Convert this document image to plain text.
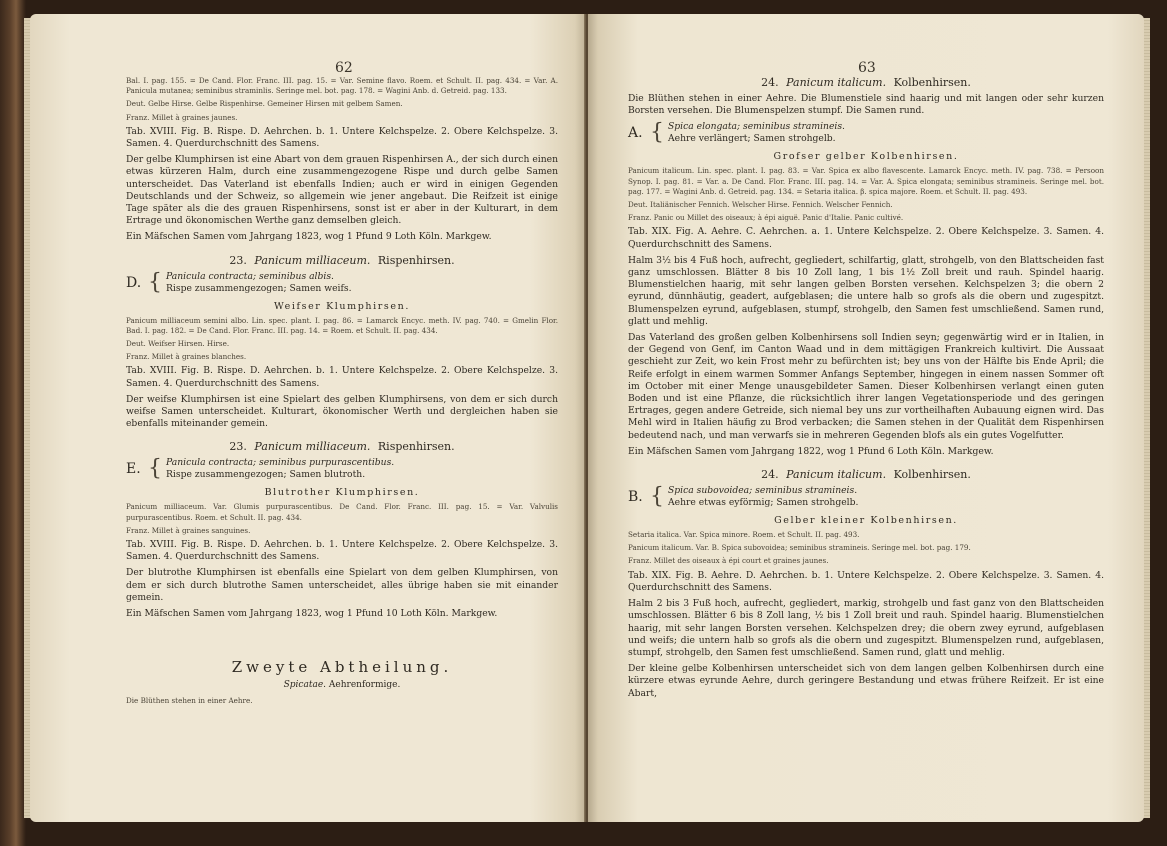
62

Bal. I. pag. 155. = De Cand. Flor. Franc. III. pag. 15. = Var. Semine flavo. Roem. et Schult. II. pag. 434. = Var. A. Panicula mutanea; seminibus straminlis. Seringe mel. bot. pag. 178. = Wagini Anb. d. Getreid. pag. 133.

Deut. Gelbe Hirse. Gelbe Rispenhirse. Gemeiner Hirsen mit gelbem Samen.

Franz. Millet à graines jaunes.

Tab. XVIII. Fig. B. Rispe. D. Aehrchen. b. 1. Untere Kelchspelze. 2. Obere Kelchspelze. 3. Samen. 4. Querdurchschnitt des Samens.

Der gelbe Klumphirsen ist eine Abart von dem grauen Rispenhirsen A., der sich durch einen etwas kürzeren Halm, durch eine zusammengezogene Rispe und durch gelbe Samen unterscheidet. Das Vaterland ist ebenfalls Indien; auch er wird in einigen Gegenden Deutschlands und der Schweiz, so allgemein wie jener angebaut. Die Reifzeit ist einige Tage später als die des grauen Rispenhirsens, sonst ist er aber in der Kulturart, in dem Ertrage und ökonomischen Werthe ganz demselben gleich.

Ein Mäfschen Samen vom Jahrgang 1823, wog 1 Pfund 9 Loth Köln. Markgew.

23. Panicum milliaceum. Rispenhirsen.
D. { Panicula contracta; seminibus albis.
Rispe zusammengezogen; Samen weifs.
Weifser Klumphirsen.

Panicum milliaceum semini albo. Lin. spec. plant. I. pag. 86. = Lamarck Encyc. meth. IV. pag. 740. = Gmelin Flor. Bad. I. pag. 182. = De Cand. Flor. Franc. III. pag. 14. = Roem. et Schult. II. pag. 434.

Deut. Weifser Hirsen. Hirse.

Franz. Millet à graines blanches.

Tab. XVIII. Fig. B. Rispe. D. Aehrchen. b. 1. Untere Kelchspelze. 2. Obere Kelchspelze. 3. Samen. 4. Querdurchschnitt des Samens.

Der weifse Klumphirsen ist eine Spielart des gelben Klumphirsens, von dem er sich durch weifse Samen unterscheidet. Kulturart, ökonomischer Werth und dergleichen haben sie ebenfalls miteinander gemein.

23. Panicum milliaceum. Rispenhirsen.
E. { Panicula contracta; seminibus purpurascentibus.
Rispe zusammengezogen; Samen blutroth.
Blutrother Klumphirsen.

Panicum milliaceum. Var. Glumis purpurascentibus. De Cand. Flor. Franc. III. pag. 15. = Var. Valvulis purpurascentibus. Roem. et Schult. II. pag. 434.

Franz. Millet à graines sanguines.

Tab. XVIII. Fig. B. Rispe. D. Aehrchen. b. 1. Untere Kelchspelze. 2. Obere Kelchspelze. 3. Samen. 4. Querdurchschnitt des Samens.

Der blutrothe Klumphirsen ist ebenfalls eine Spielart von dem gelben Klumphirsen, von dem er sich durch blutrothe Samen unterscheidet, alles übrige haben sie mit einander gemein.

Ein Mäfschen Samen vom Jahrgang 1823, wog 1 Pfund 10 Loth Köln. Markgew.

Zweyte Abtheilung.
Spicatae. Aehrenformige.

Die Blüthen stehen in einer Aehre.

63
24. Panicum italicum. Kolbenhirsen.

Die Blüthen stehen in einer Aehre. Die Blumenstiele sind haarig und mit langen oder sehr kurzen Borsten versehen. Die Blumenspelzen stumpf. Die Samen rund.

A. { Spica elongata; seminibus stramineis.
Aehre verlängert; Samen strohgelb.
Grofser gelber Kolbenhirsen.

Panicum italicum. Lin. spec. plant. I. pag. 83. = Var. Spica ex albo flavescente. Lamarck Encyc. meth. IV. pag. 738. = Persoon Synop. I. pag. 81. = Var. a. De Cand. Flor. Franc. III. pag. 14. = Var. A. Spica elongata; seminibus stramineis. Seringe mel. bot. pag. 177. = Wagini Anb. d. Getreid. pag. 134. = Setaria italica. β. spica majore. Roem. et Schult. II. pag. 493.

Deut. Italiänischer Fennich. Welscher Hirse. Fennich. Welscher Fennich.

Franz. Panic ou Millet des oiseaux; à épi aiguë. Panic d'Italie. Panic cultivé.

Tab. XIX. Fig. A. Aehre. C. Aehrchen. a. 1. Untere Kelchspelze. 2. Obere Kelchspelze. 3. Samen. 4. Querdurchschnitt des Samens.

Halm 3½ bis 4 Fuß hoch, aufrecht, gegliedert, schilfartig, glatt, strohgelb, von den Blattscheiden fast ganz umschlossen. Blätter 8 bis 10 Zoll lang, 1 bis 1½ Zoll breit und rauh. Spindel haarig. Blumenstielchen haarig, mit sehr langen gelben Borsten versehen. Kelchspelzen 3; die obern 2 eyrund, dünnhäutig, geadert, aufgeblasen; die untere halb so grofs als die obern und zugespitzt. Blumenspelzen eyrund, aufgeblasen, stumpf, strohgelb, den Samen fest umschließend. Samen rund, glatt und mehlig.

Das Vaterland des großen gelben Kolbenhirsens soll Indien seyn; gegenwärtig wird er in Italien, in der Gegend von Genf, im Canton Waad und in dem mittägigen Frankreich kultivirt. Die Aussaat geschieht zur Zeit, wo kein Frost mehr zu befürchten ist; bey uns von der Hälfte bis Ende April; die Reife erfolgt in einem warmen Sommer Anfangs September, hingegen in einem nassen Sommer oft im October mit einer Menge unausgebildeter Samen. Dieser Kolbenhirsen verlangt einen guten Boden und ist eine Pflanze, die rücksichtlich ihrer langen Vegetationsperiode und des geringen Ertrages, gegen andere Getreide, sich niemal bey uns zur vortheilhaften Aubauung eignen wird. Das Mehl wird in Italien häufig zu Brod verbacken; die Samen stehen in der Qualität dem Rispenhirsen bedeutend nach, und man verwarfs sie in mehreren Gegenden blofs als ein gutes Vogelfutter.

Ein Mäfschen Samen vom Jahrgang 1822, wog 1 Pfund 6 Loth Köln. Markgew.

24. Panicum italicum. Kolbenhirsen.
B. { Spica subovoidea; seminibus stramineis.
Aehre etwas eyförmig; Samen strohgelb.
Gelber kleiner Kolbenhirsen.

Setaria italica. Var. Spica minore. Roem. et Schult. II. pag. 493.

Panicum italicum. Var. B. Spica subovoidea; seminibus stramineis. Seringe mel. bot. pag. 179.

Franz. Millet des oiseaux à épi court et graines jaunes.

Tab. XIX. Fig. B. Aehre. D. Aehrchen. b. 1. Untere Kelchspelze. 2. Obere Kelchspelze. 3. Samen. 4. Querdurchschnitt des Samens.

Halm 2 bis 3 Fuß hoch, aufrecht, gegliedert, markig, strohgelb und fast ganz von den Blattscheiden umschlossen. Blätter 6 bis 8 Zoll lang, ½ bis 1 Zoll breit und rauh. Spindel haarig. Blumenstielchen haarig, mit sehr langen Borsten versehen. Kelchspelzen drey; die obern zwey eyrund, aufgeblasen und weifs; die untern halb so grofs als die obern und zugespitzt. Blumenspelzen rund, aufgeblasen, stumpf, strohgelb, den Samen fest umschließend. Samen rund, glatt und mehlig.

Der kleine gelbe Kolbenhirsen unterscheidet sich von dem langen gelben Kolbenhirsen durch eine kürzere etwas eyrunde Aehre, durch geringere Bestandung und etwas frühere Reifzeit. Er ist eine Abart,
